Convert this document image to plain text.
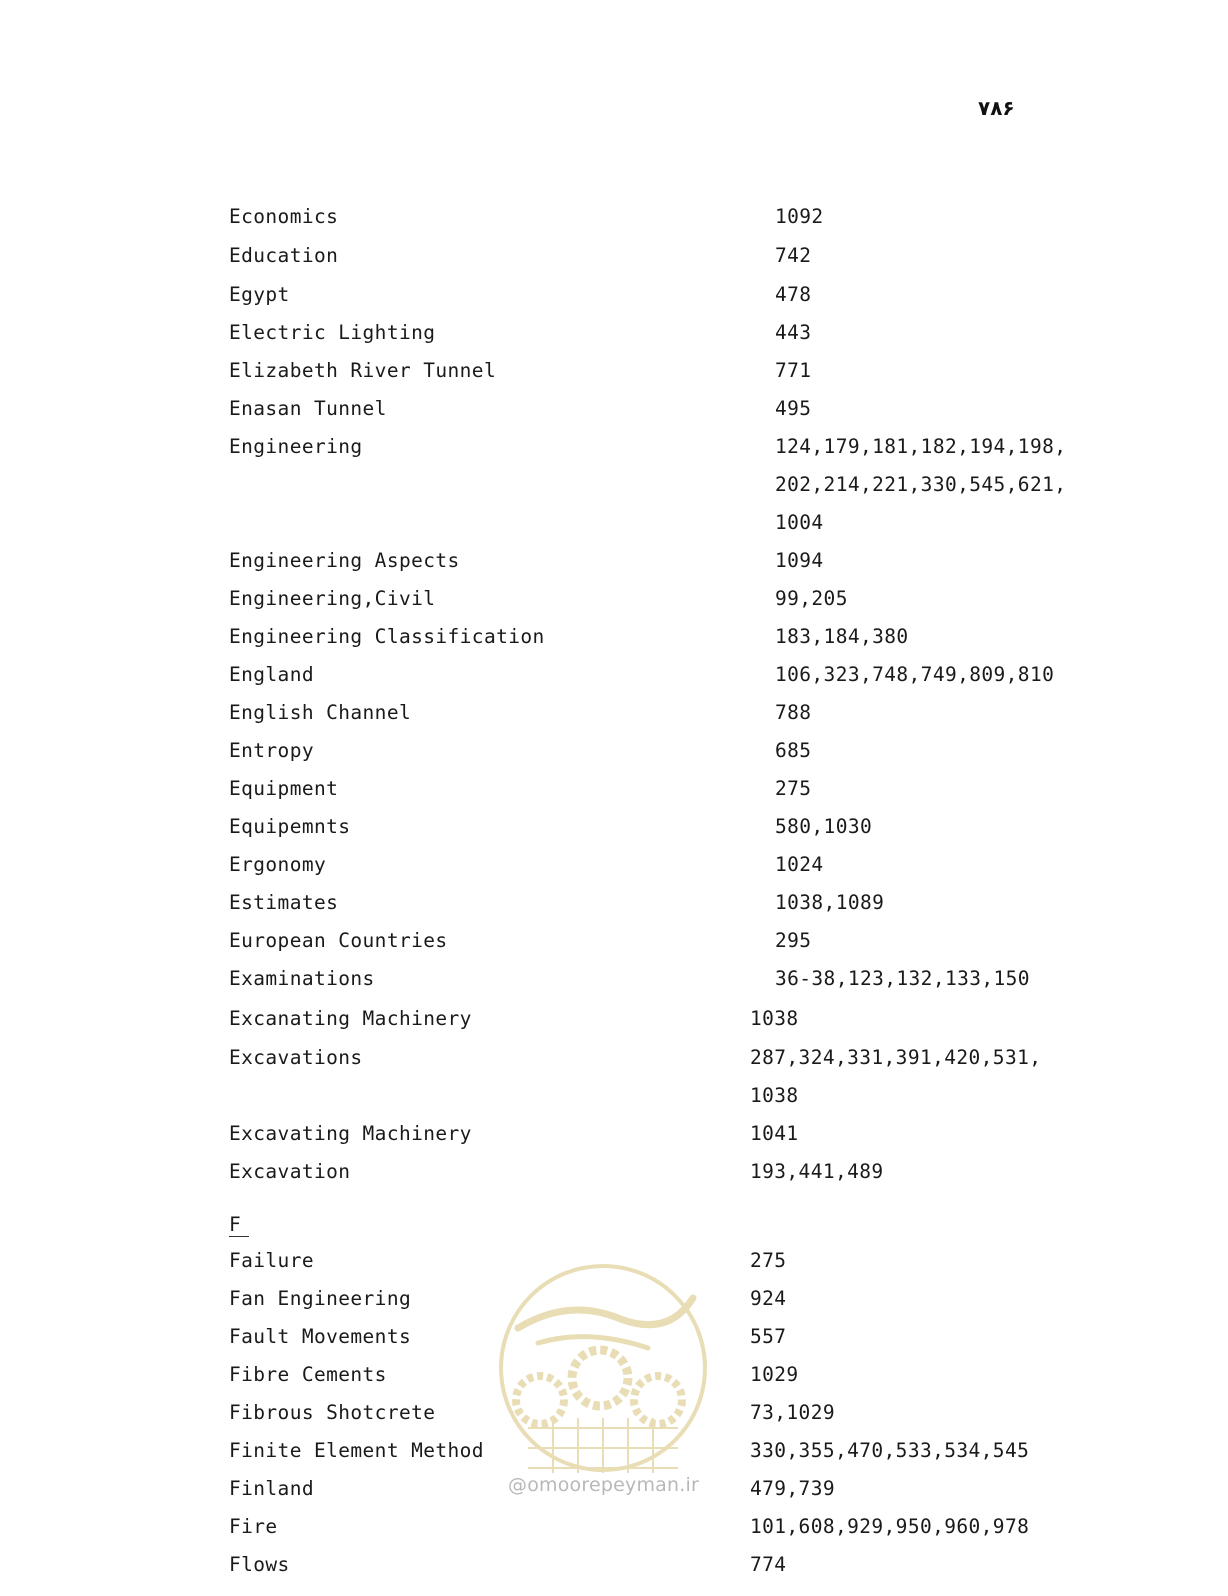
۷۸۶
Economics	1092
Education	742
Egypt	478
Electric Lighting	443
Elizabeth River Tunnel	771
Enasan Tunnel	495
Engineering	124,179,181,182,194,198,
202,214,221,330,545,621,
1004
Engineering Aspects	1094
Engineering,Civil	99,205
Engineering Classification	183,184,380
England	106,323,748,749,809,810
English Channel	788
Entropy	685
Equipment	275
Equipemnts	580,1030
Ergonomy	1024
Estimates	1038,1089
European Countries	295
Examinations	36-38,123,132,133,150
Excanating Machinery	1038
Excavations	287,324,331,391,420,531,
1038
Excavating Machinery	1041
Excavation	193,441,489
Failure	275
Fan Engineering	924
Fault Movements	557
Fibre Cements	1029
Fibrous Shotcrete	73,1029
Finite Element Method	330,355,470,533,534,545
Finland	479,739
Fire	101,608,929,950,960,978
Flows	774
F
@omoorepeyman.ir
